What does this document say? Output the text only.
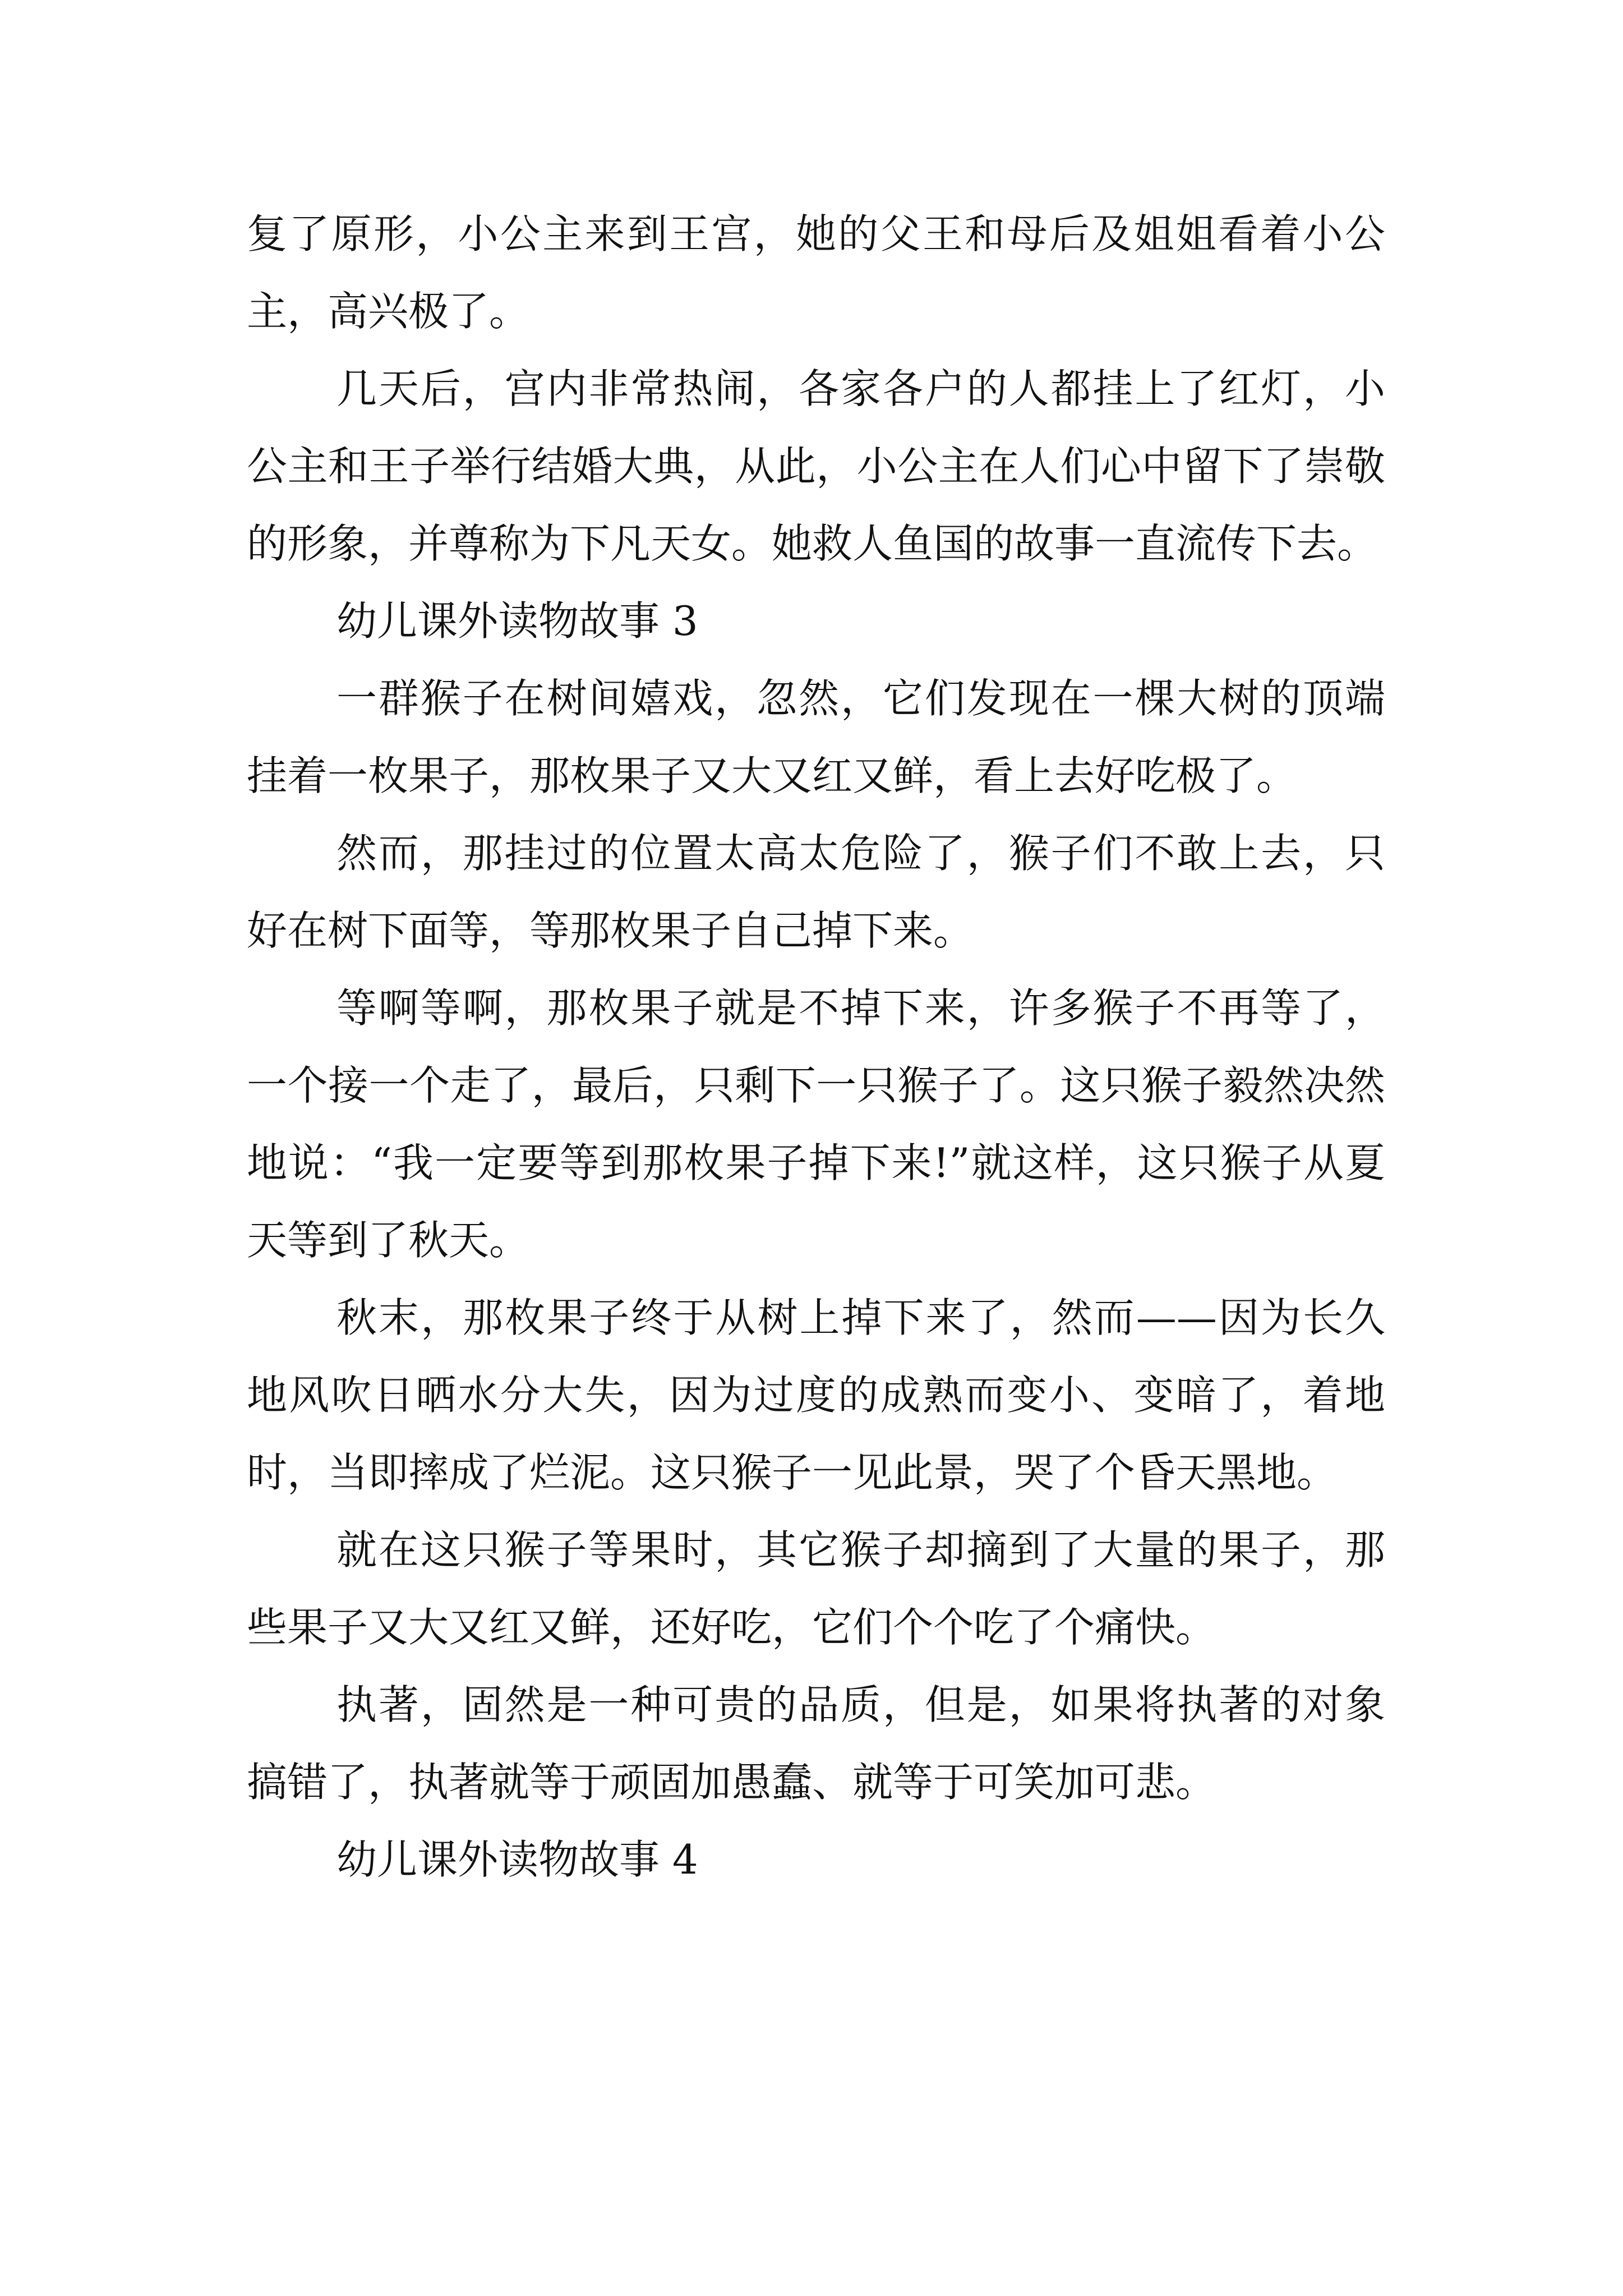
复了原形，小公主来到王宫，她的父王和母后及姐姐看着小公主，高兴极了。

几天后，宫内非常热闹，各家各户的人都挂上了红灯，小公主和王子举行结婚大典，从此，小公主在人们心中留下了崇敬的形象，并尊称为下凡天女。她救人鱼国的故事一直流传下去。

幼儿课外读物故事 3

一群猴子在树间嬉戏，忽然，它们发现在一棵大树的顶端挂着一枚果子，那枚果子又大又红又鲜，看上去好吃极了。

然而，那挂过的位置太高太危险了，猴子们不敢上去，只好在树下面等，等那枚果子自己掉下来。

等啊等啊，那枚果子就是不掉下来，许多猴子不再等了，一个接一个走了，最后，只剩下一只猴子了。这只猴子毅然决然地说：“我一定要等到那枚果子掉下来!”就这样，这只猴子从夏天等到了秋天。

秋末，那枚果子终于从树上掉下来了，然而——因为长久地风吹日晒水分大失，因为过度的成熟而变小、变暗了，着地时，当即摔成了烂泥。这只猴子一见此景，哭了个昏天黑地。

就在这只猴子等果时，其它猴子却摘到了大量的果子，那些果子又大又红又鲜，还好吃，它们个个吃了个痛快。

执著，固然是一种可贵的品质，但是，如果将执著的对象搞错了，执著就等于顽固加愚蠢、就等于可笑加可悲。

幼儿课外读物故事 4
